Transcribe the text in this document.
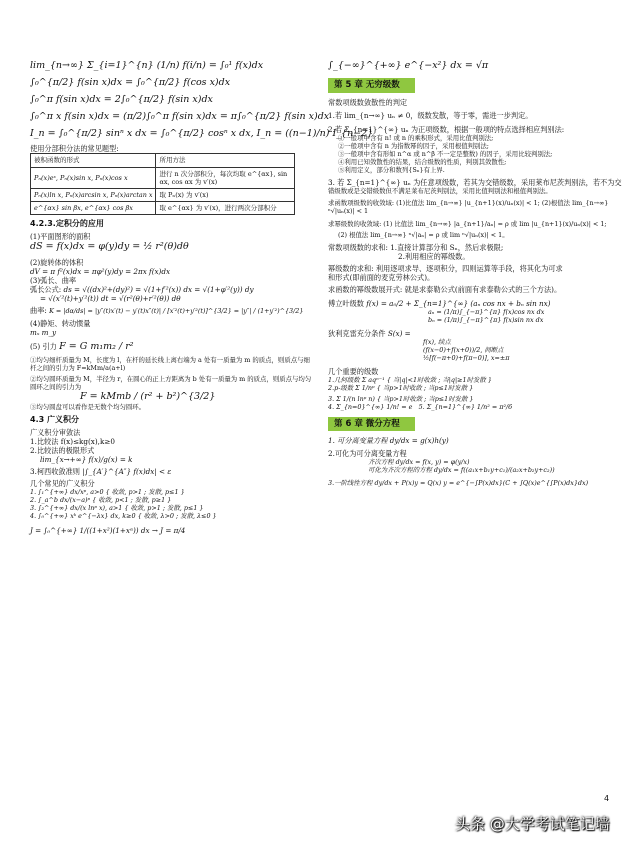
lim_{n→∞} Σ_{i=1}^{n} (1/n) f(i/n) = ∫₀¹ f(x)dx
∫₀^{π/2} f(sin x)dx = ∫₀^{π/2} f(cos x)dx
∫₀^π f(sin x)dx = 2∫₀^{π/2} f(sin x)dx
∫₀^π x f(sin x)dx = (π/2)∫₀^π f(sin x)dx = π∫₀^{π/2} f(sin x)dx
I_n = ∫₀^{π/2} sinⁿ x dx = ∫₀^{π/2} cosⁿ x dx, I_n = ((n−1)/n) I_{n−2}
使用分部积分法的常见题型:
被积函数的形式	所用方法
Pₙ(x)eˣ, Pₙ(x)sin x, Pₙ(x)cos x	进行 n 次分部积分，每次均取 e^{αx}, sin αx, cos αx 为 v′(x)
Pₙ(x)ln x, Pₙ(x)arcsin x, Pₙ(x)arctan x	取 Pₙ(x) 为 v′(x)
e^{αx} sin βx, e^{αx} cos βx	取 e^{αx} 为 v′(x)，进行两次分部积分
4.2.3.定积分的应用
(1)平面图形的面积
dS = f(x)dx = φ(y)dy = ½ r²(θ)dθ
(2)旋转体的体积
dV = π f²(x)dx = πφ²(y)dy = 2πx f(x)dx
(3)弧长、曲率
弧长公式: ds = √((dx)²+(dy)²) = √(1+f′²(x)) dx = √(1+φ′²(y)) dy
= √(x′²(t)+y′²(t)) dt = √(r²(θ)+r′²(θ)) dθ
曲率: K = |dα/ds| = |y″(t)x′(t) − y′(t)x″(t)| / [x′²(t)+y′²(t)]^{3/2} = |y″| / (1+y′²)^{3/2}
(4)静矩、转动惯量
mₓ m_y
(5) 引力 F = G m₁m₂ / r²
①均匀细杆质量为 M，长度为 l，在杆的延长线上离右端为 a 处有一质量为 m 的质点，则质点与细杆之间的引力为 F=kMm/a(a+l)
②均匀圆环质量为 M，半径为 r，在圆心的正上方距离为 b 处有一质量为 m 的质点，则质点与均匀圆环之间的引力为
F = kMmb / (r² + b²)^{3/2}
③均匀圆盘可以看作是无数个均匀圆环。
4.3 广义积分
广义积分审敛法
1.比较法 f(x)≤kg(x),k≥0
2.比较法的极限形式
lim_{x→+∞} f(x)/g(x) = k
3.柯西收敛准则 |∫_{A′}^{A″} f(x)dx| < ε
几个常见的广义积分
1. ∫₁^{+∞} dx/xᵖ, a>0 { 收敛, p>1 ; 发散, p≤1 }
2. ∫_a^b dx/(x−a)ᵖ { 收敛, p<1 ; 发散, p≥1 }
3. ∫₂^{+∞} dx/(x lnᵖ x), a>1 { 收敛, p>1 ; 发散, p≤1 }
4. ∫₀^{+∞} xᵏ e^{−λx} dx, k≥0 { 收敛, λ>0 ; 发散, λ≤0 }
J = ∫₀^{+∞} 1/((1+x²)(1+xᵅ)) dx → J = π/4
∫_{−∞}^{+∞} e^{−x²} dx = √π
第 5 章 无穷级数
常数项级数敛散性的判定
1.若 lim_{n→∞} uₙ ≠ 0，级数发散，等于零，需进一步判定。
2.若 Σ_{n=1}^{∞} uₙ 为正项级数，根据一般项的特点选择相应判别法:
①一般项中含有 n! 或 n 的乘积形式，采用比值判别法;
②一般项中含有 n 为指数幂的因子，采用根值判别法;
③一般项中含有形如 n^α 或 n^β 不一定是整数) 的因子，采用比较判别法;
④利用已知敛散性的结果，结合级数的性质，判别其敛散性;
⑤利用定义，部分和数列{Sₙ}有上界.
3. 若 Σ_{n=1}^{∞} uₙ 为任意项级数，若其为交错级数，采用莱布尼茨判别法，若不为交
错级数或是交错级数但不满足莱布尼茨判别法，采用比值判别法和根值判别法。
求函数项级数的收敛域: (1)比值法 lim_{n→∞} |u_{n+1}(x)/uₙ(x)| < 1; (2)根值法 lim_{n→∞} ⁿ√|uₙ(x)| < 1
求幂级数的收敛域: (1) 比值法 lim_{n→∞} |a_{n+1}/aₙ| = ρ 或 lim |u_{n+1}(x)/uₙ(x)| < 1;
(2) 根值法 lim_{n→∞} ⁿ√|aₙ| = ρ 或 lim ⁿ√|uₙ(x)| < 1。
常数项级数的求和: 1.直接计算部分和 Sₙ，然后求极限;
2.利用相应的幂级数。
幂级数的求和: 利用逐项求导、逐项积分，四则运算等手段，将其化为可求
和形式(即前面的麦克劳林公式)。
求函数的幂级数展开式: 就是求泰勒公式(前面有求泰勒公式的三个方法)。
傅立叶级数 f(x) = a₀/2 + Σ_{n=1}^{∞} (aₙ cos nx + bₙ sin nx)
aₙ = (1/π)∫_{−π}^{π} f(x)cos nx dx
bₙ = (1/π)∫_{−π}^{π} f(x)sin nx dx
狄利克雷充分条件 S(x) =
f(x), 续点
(f(x−0)+f(x+0))/2, 间断点
½[f(−π+0)+f(π−0)], x=±π
几个重要的级数
1.几何级数 Σ aqⁿ⁻¹ { 当|q|<1时收敛 ; 当|q|≥1时发散 }
2.p-级数 Σ 1/nᵖ { 当p>1时收敛 ; 当p≤1时发散 }
3. Σ 1/(n lnᵖ n) { 当p>1时收敛 ; 当p≤1时发散 }
4. Σ_{n=0}^{∞} 1/n! = e 5. Σ_{n=1}^{∞} 1/n² = π²/6
第 6 章 微分方程
1. 可分离变量方程 dy/dx = g(x)h(y)
2.可化为可分离变量方程
齐次方程 dy/dx = f(x, y) = φ(y/x)
可化为齐次方程的方程 dy/dx = f((a₁x+b₁y+c₁)/(a₂x+b₂y+c₂))
3.一阶线性方程 dy/dx + P(x)y = Q(x) y = e^{−∫P(x)dx}(C + ∫Q(x)e^{∫P(x)dx}dx)
4
头条 @大学考试笔记墙
